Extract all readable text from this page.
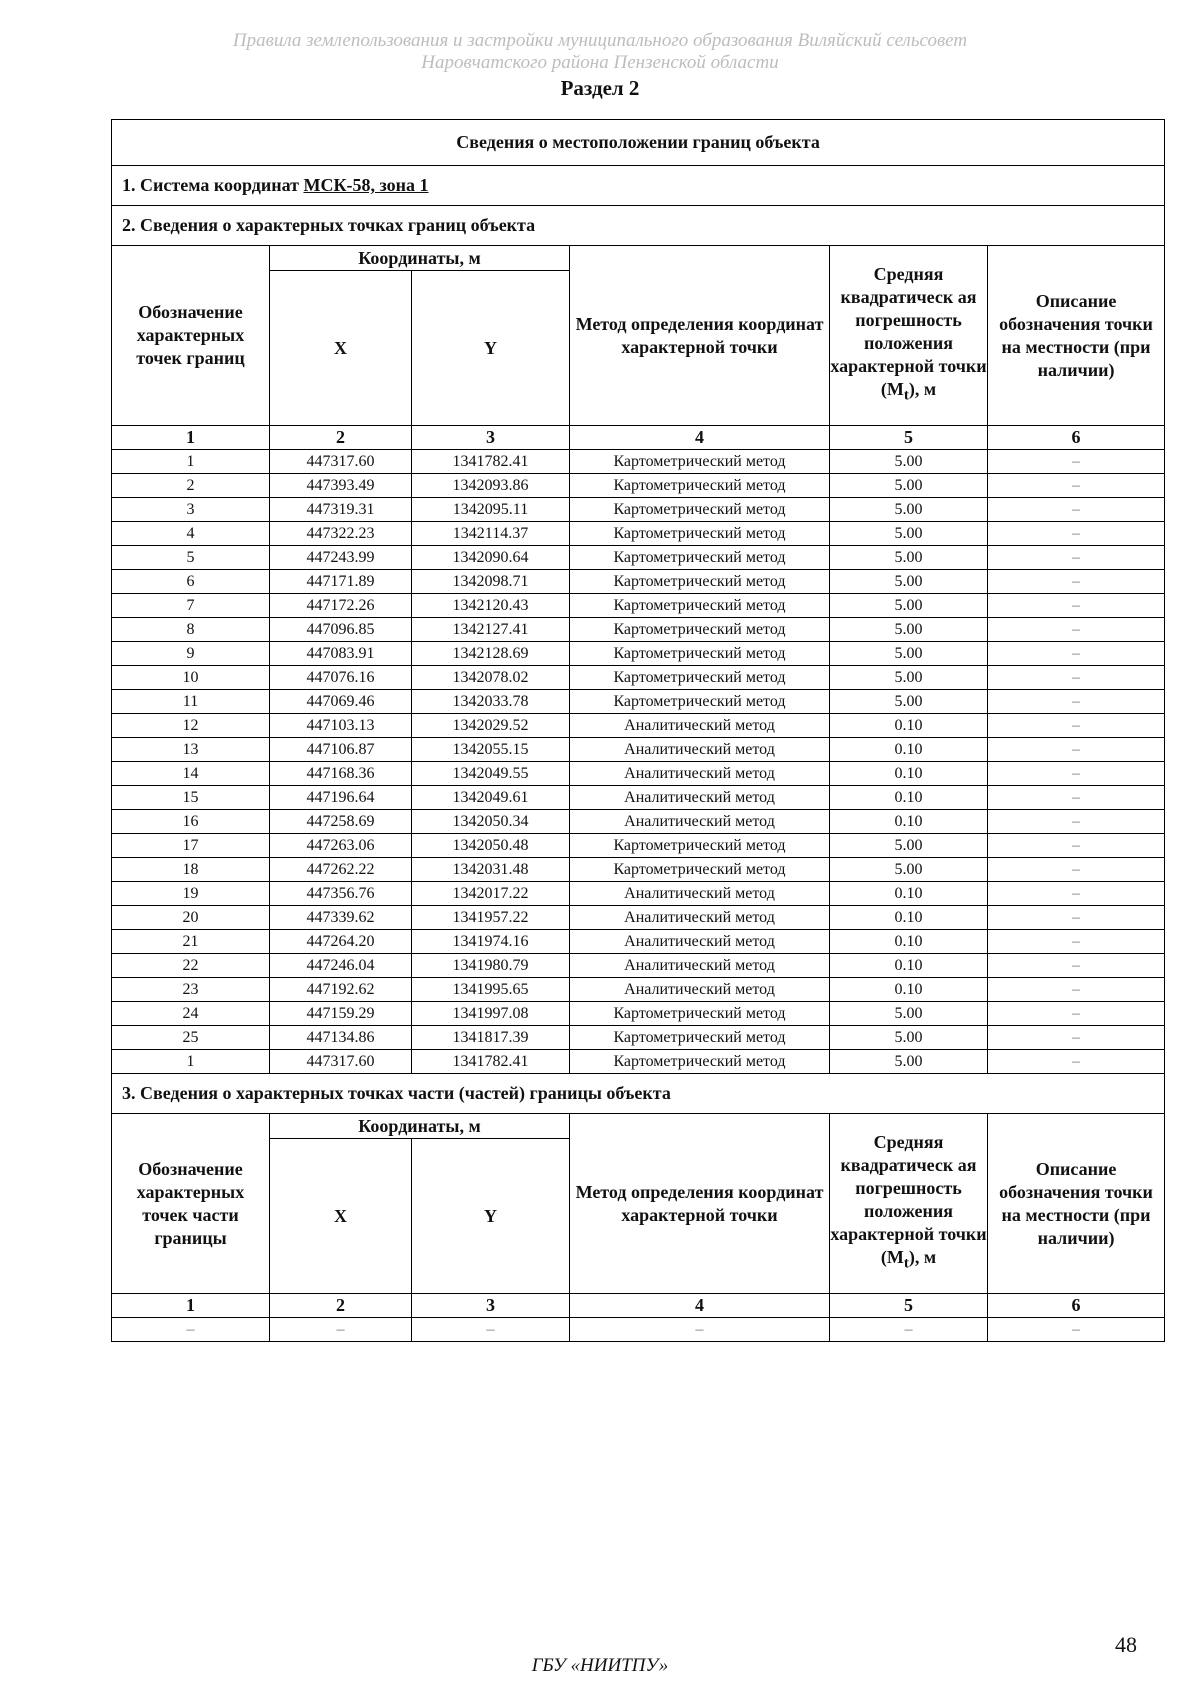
Правила землепользования и застройки муниципального образования Виляйский сельсовет
Наровчатского района Пензенской области
Раздел 2
Сведения о местоположении границ объекта					
1. Система координат МСК-58, зона 1					
2. Сведения о характерных точках границ объекта					
Обозначение характерных точек границ	Координаты, м		Метод определения координат характерной точки	Средняя квадратическ ая погрешность положения характерной точки $(M_t)$, м	Описание обозначения точки на местности (при наличии)
	X	Y			
1	2	3	4	5	6
1	447317.60	1341782.41	Картометрический метод	5.00	–
2	447393.49	1342093.86	Картометрический метод	5.00	–
3	447319.31	1342095.11	Картометрический метод	5.00	–
4	447322.23	1342114.37	Картометрический метод	5.00	–
5	447243.99	1342090.64	Картометрический метод	5.00	–
6	447171.89	1342098.71	Картометрический метод	5.00	–
7	447172.26	1342120.43	Картометрический метод	5.00	–
8	447096.85	1342127.41	Картометрический метод	5.00	–
9	447083.91	1342128.69	Картометрический метод	5.00	–
10	447076.16	1342078.02	Картометрический метод	5.00	–
11	447069.46	1342033.78	Картометрический метод	5.00	–
12	447103.13	1342029.52	Аналитический метод	0.10	–
13	447106.87	1342055.15	Аналитический метод	0.10	–
14	447168.36	1342049.55	Аналитический метод	0.10	–
15	447196.64	1342049.61	Аналитический метод	0.10	–
16	447258.69	1342050.34	Аналитический метод	0.10	–
17	447263.06	1342050.48	Картометрический метод	5.00	–
18	447262.22	1342031.48	Картометрический метод	5.00	–
19	447356.76	1342017.22	Аналитический метод	0.10	–
20	447339.62	1341957.22	Аналитический метод	0.10	–
21	447264.20	1341974.16	Аналитический метод	0.10	–
22	447246.04	1341980.79	Аналитический метод	0.10	–
23	447192.62	1341995.65	Аналитический метод	0.10	–
24	447159.29	1341997.08	Картометрический метод	5.00	–
25	447134.86	1341817.39	Картометрический метод	5.00	–
1	447317.60	1341782.41	Картометрический метод	5.00	–
3. Сведения о характерных точках части (частей) границы объекта					
Обозначение характерных точек части границы	Координаты, м		Метод определения координат характерной точки	Средняя квадратическ ая погрешность положения характерной точки $(M_t)$, м	Описание обозначения точки на местности (при наличии)
	X	Y			
1	2	3	4	5	6
–	–	–	–	–	–
48
ГБУ «НИИТПУ»
